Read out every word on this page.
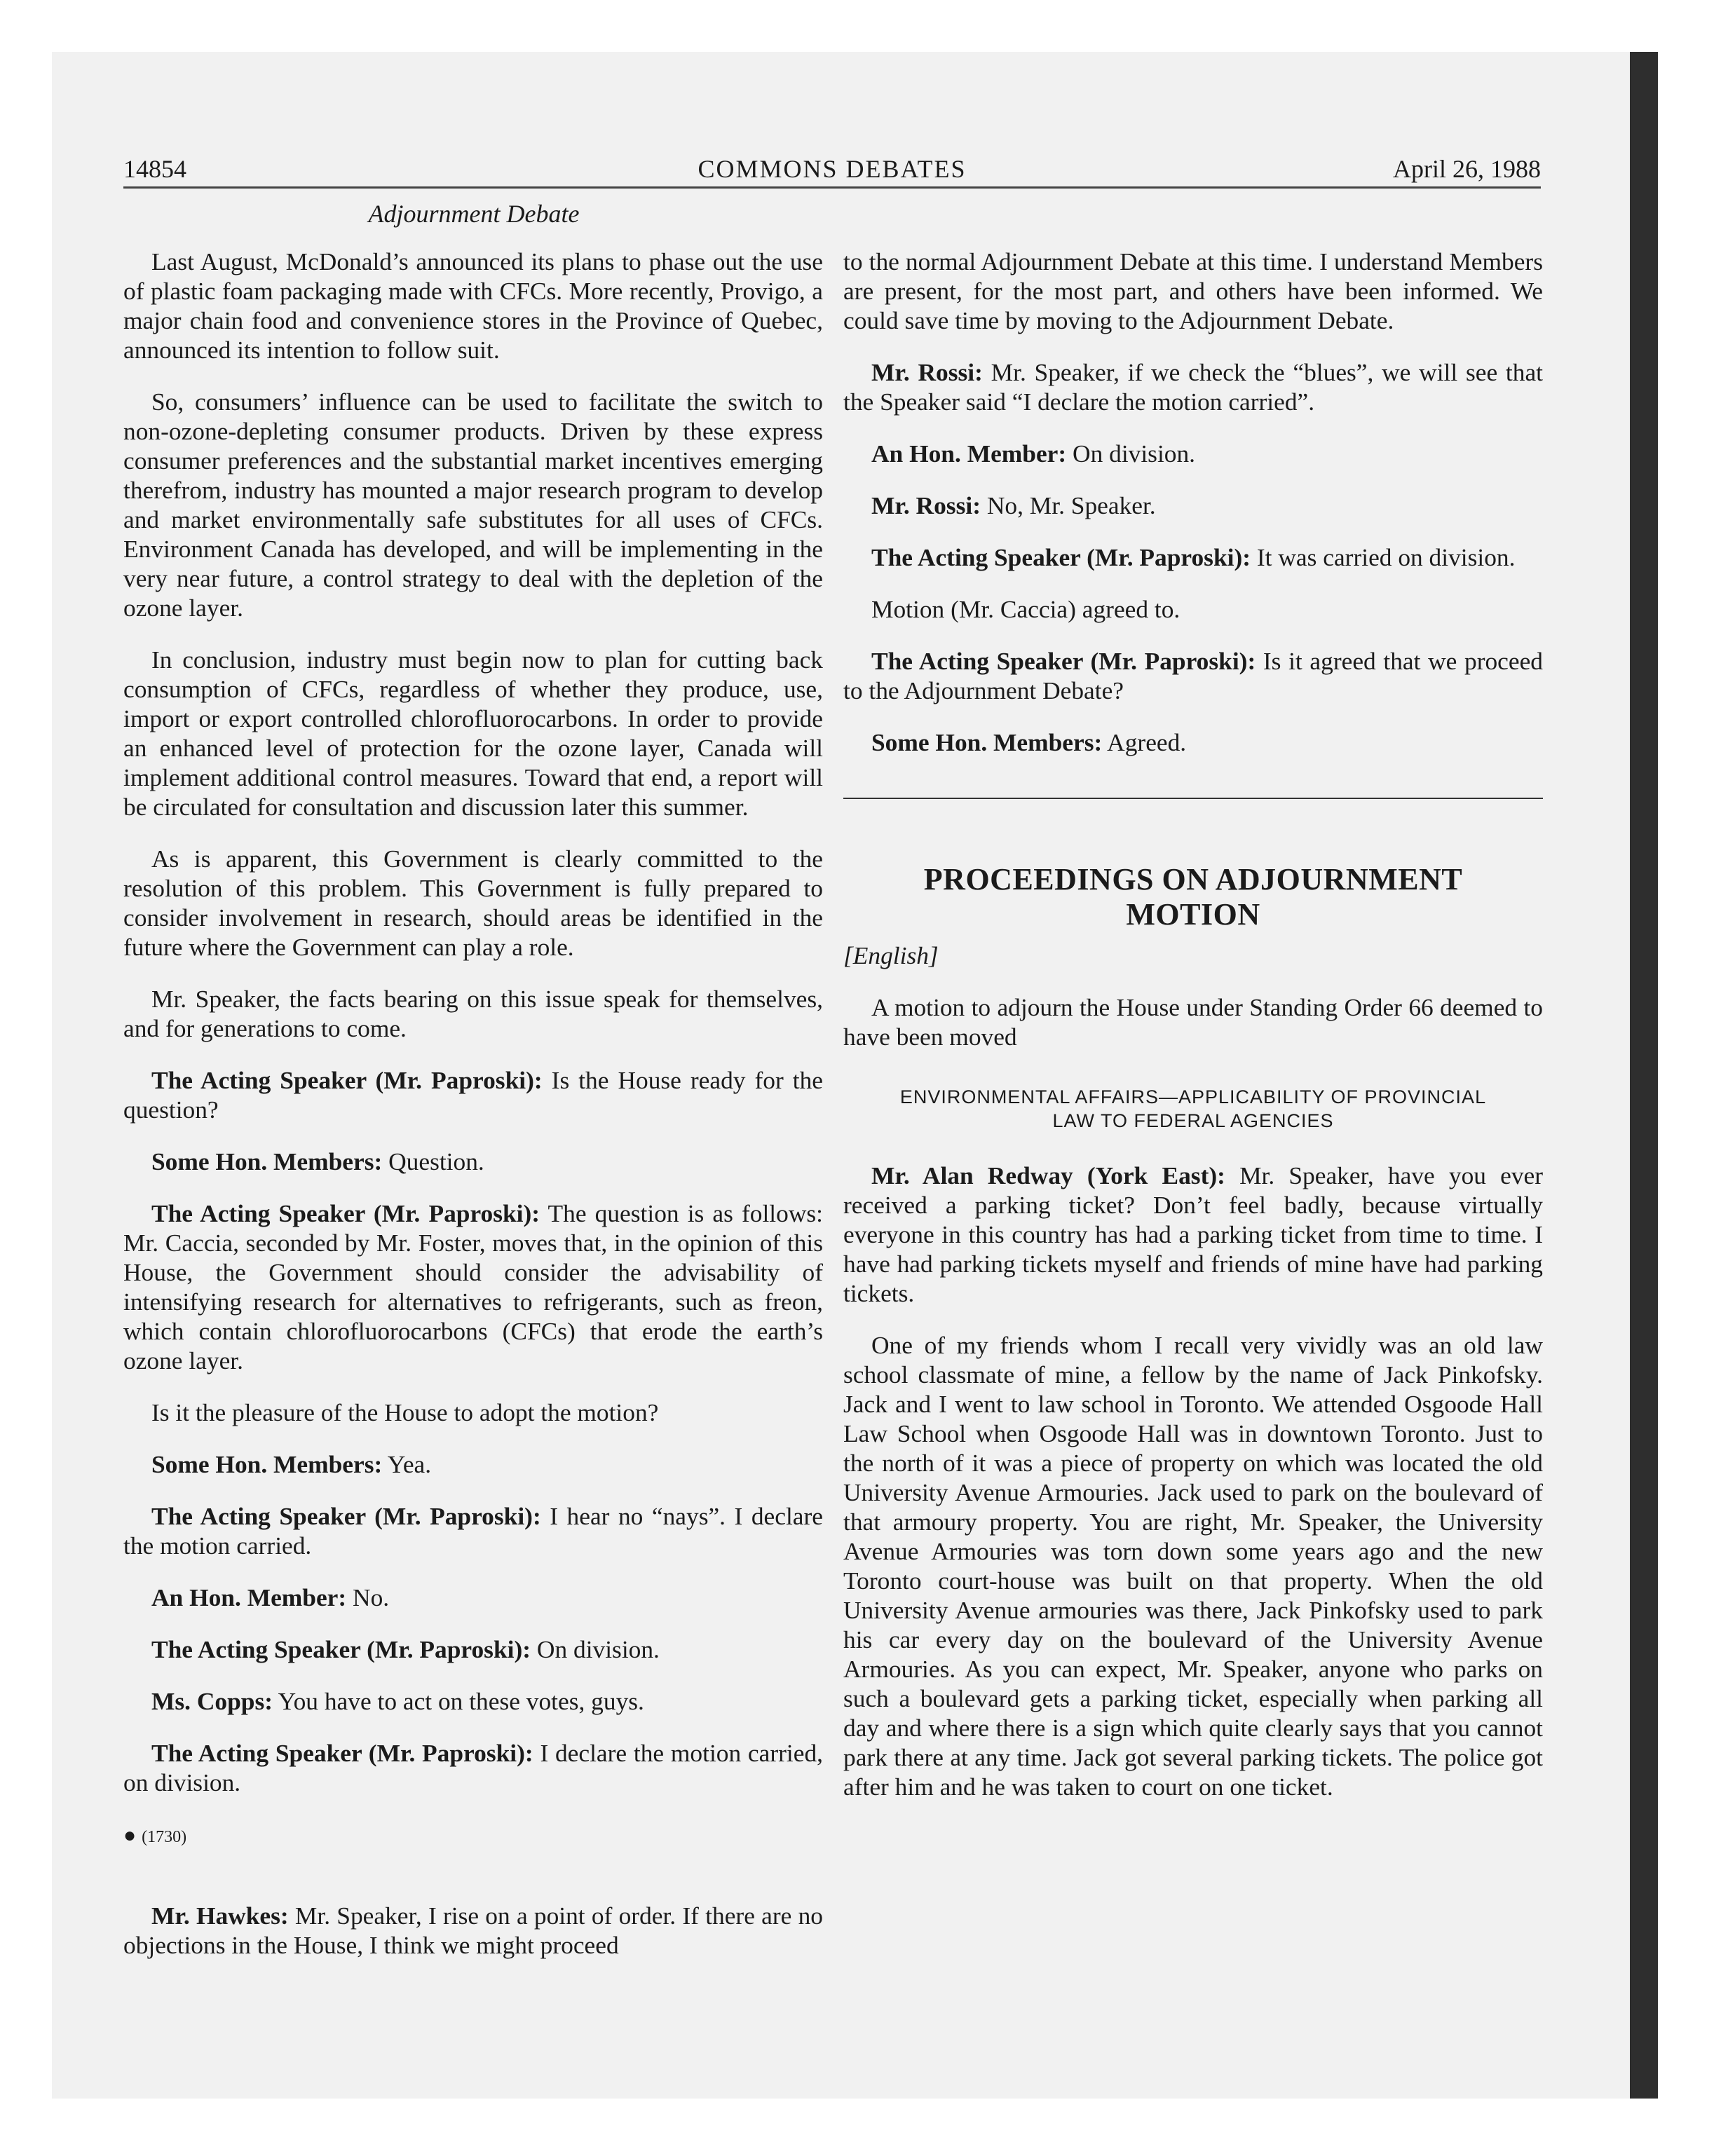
14854	COMMONS DEBATES	April 26, 1988
Adjournment Debate

Last August, McDonald’s announced its plans to phase out the use of plastic foam packaging made with CFCs. More recently, Provigo, a major chain food and convenience stores in the Province of Quebec, announced its intention to follow suit.

So, consumers’ influence can be used to facilitate the switch to non-ozone-depleting consumer products. Driven by these express consumer preferences and the substantial market incentives emerging therefrom, industry has mounted a major research program to develop and market environmentally safe substitutes for all uses of CFCs. Environment Canada has developed, and will be implementing in the very near future, a control strategy to deal with the depletion of the ozone layer.

In conclusion, industry must begin now to plan for cutting back consumption of CFCs, regardless of whether they produce, use, import or export controlled chlorofluorocarbons. In order to provide an enhanced level of protection for the ozone layer, Canada will implement additional control measures. Toward that end, a report will be circulated for consultation and discussion later this summer.

As is apparent, this Government is clearly committed to the resolution of this problem. This Government is fully prepared to consider involvement in research, should areas be identified in the future where the Government can play a role.

Mr. Speaker, the facts bearing on this issue speak for themselves, and for generations to come.

The Acting Speaker (Mr. Paproski): Is the House ready for the question?

Some Hon. Members: Question.

The Acting Speaker (Mr. Paproski): The question is as follows: Mr. Caccia, seconded by Mr. Foster, moves that, in the opinion of this House, the Government should consider the advisability of intensifying research for alternatives to refrigerants, such as freon, which contain chlorofluorocarbons (CFCs) that erode the earth’s ozone layer.

Is it the pleasure of the House to adopt the motion?

Some Hon. Members: Yea.

The Acting Speaker (Mr. Paproski): I hear no “nays”. I declare the motion carried.

An Hon. Member: No.

The Acting Speaker (Mr. Paproski): On division.

Ms. Copps: You have to act on these votes, guys.

The Acting Speaker (Mr. Paproski): I declare the motion carried, on division.

● (1730)

Mr. Hawkes: Mr. Speaker, I rise on a point of order. If there are no objections in the House, I think we might proceed

to the normal Adjournment Debate at this time. I understand Members are present, for the most part, and others have been informed. We could save time by moving to the Adjournment Debate.

Mr. Rossi: Mr. Speaker, if we check the “blues”, we will see that the Speaker said “I declare the motion carried”.

An Hon. Member: On division.

Mr. Rossi: No, Mr. Speaker.

The Acting Speaker (Mr. Paproski): It was carried on division.

Motion (Mr. Caccia) agreed to.

The Acting Speaker (Mr. Paproski): Is it agreed that we proceed to the Adjournment Debate?

Some Hon. Members: Agreed.

PROCEEDINGS ON ADJOURNMENT
MOTION
[English]

A motion to adjourn the House under Standing Order 66 deemed to have been moved

ENVIRONMENTAL AFFAIRS—APPLICABILITY OF PROVINCIAL
LAW TO FEDERAL AGENCIES

Mr. Alan Redway (York East): Mr. Speaker, have you ever received a parking ticket? Don’t feel badly, because virtually everyone in this country has had a parking ticket from time to time. I have had parking tickets myself and friends of mine have had parking tickets.

One of my friends whom I recall very vividly was an old law school classmate of mine, a fellow by the name of Jack Pinkofsky. Jack and I went to law school in Toronto. We attended Osgoode Hall Law School when Osgoode Hall was in downtown Toronto. Just to the north of it was a piece of property on which was located the old University Avenue Armouries. Jack used to park on the boulevard of that armoury property. You are right, Mr. Speaker, the University Avenue Armouries was torn down some years ago and the new Toronto court-house was built on that property. When the old University Avenue armouries was there, Jack Pinkofsky used to park his car every day on the boulevard of the University Avenue Armouries. As you can expect, Mr. Speaker, anyone who parks on such a boulevard gets a parking ticket, especially when parking all day and where there is a sign which quite clearly says that you cannot park there at any time. Jack got several parking tickets. The police got after him and he was taken to court on one ticket.
